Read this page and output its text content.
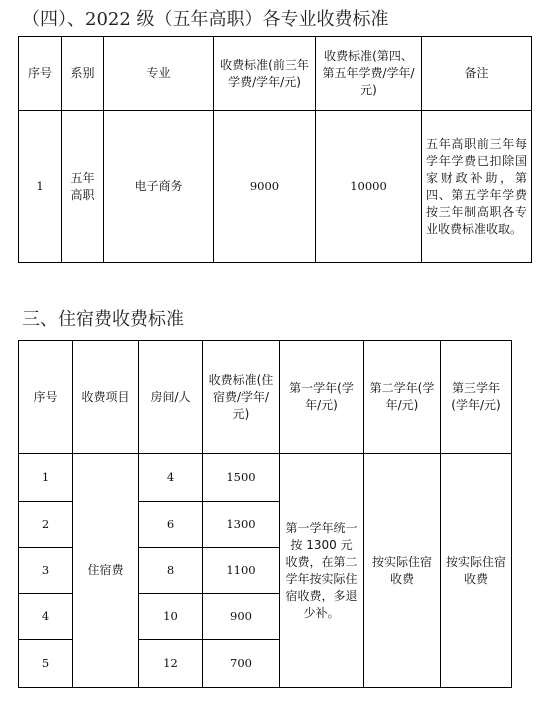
（四）、2022 级（五年高职）各专业收费标准
序号	系别	专业	收费标准(前三年学费/学年/元)	收费标准(第四、第五年学费/学年/元)	备注
1	五年高职	电子商务	9000	10000	五年高职前三年每学年学费已扣除国家财政补助，第四、第五学年学费按三年制高职各专业收费标准收取。
三、住宿费收费标准
序号	收费项目	房间/人	收费标准(住宿费/学年/元)	第一学年(学年/元)	第二学年(学年/元)	第三学年(学年/元)
1	住宿费	4	1500	第一学年统一按 1300 元收费，在第二学年按实际住宿收费，多退少补。	按实际住宿收费	按实际住宿收费
2		6	1300			
3		8	1100			
4		10	900			
5		12	700			
